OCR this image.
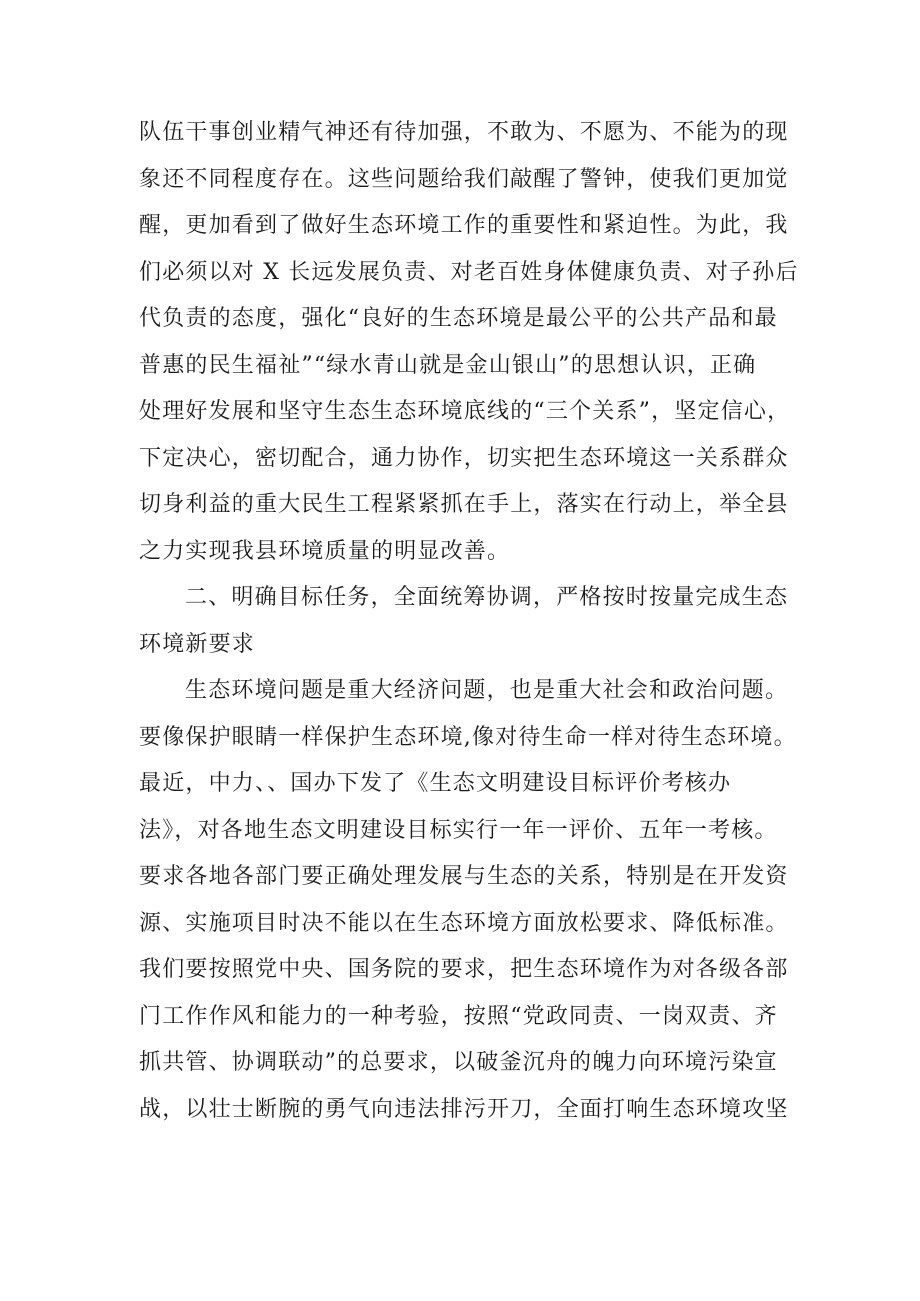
队伍干事创业精气神还有待加强，不敢为、不愿为、不能为的现
象还不同程度存在。这些问题给我们敲醒了警钟，使我们更加觉
醒，更加看到了做好生态环境工作的重要性和紧迫性。为此，我
们必须以对 X 长远发展负责、对老百姓身体健康负责、对子孙后
代负责的态度，强化“良好的生态环境是最公平的公共产品和最
普惠的民生福祉”“绿水青山就是金山银山”的思想认识，正确
处理好发展和坚守生态生态环境底线的“三个关系”，坚定信心，
下定决心，密切配合，通力协作，切实把生态环境这一关系群众
切身利益的重大民生工程紧紧抓在手上，落实在行动上，举全县
之力实现我县环境质量的明显改善。
二、明确目标任务，全面统筹协调，严格按时按量完成生态
环境新要求
生态环境问题是重大经济问题，也是重大社会和政治问题。
要像保护眼睛一样保护生态环境,像对待生命一样对待生态环境。
最近，中力、、国办下发了《生态文明建设目标评价考核办
法》，对各地生态文明建设目标实行一年一评价、五年一考核。
要求各地各部门要正确处理发展与生态的关系，特别是在开发资
源、实施项目时决不能以在生态环境方面放松要求、降低标准。
我们要按照党中央、国务院的要求，把生态环境作为对各级各部
门工作作风和能力的一种考验，按照“党政同责、一岗双责、齐
抓共管、协调联动”的总要求，以破釜沉舟的魄力向环境污染宣
战，以壮士断腕的勇气向违法排污开刀，全面打响生态环境攻坚
